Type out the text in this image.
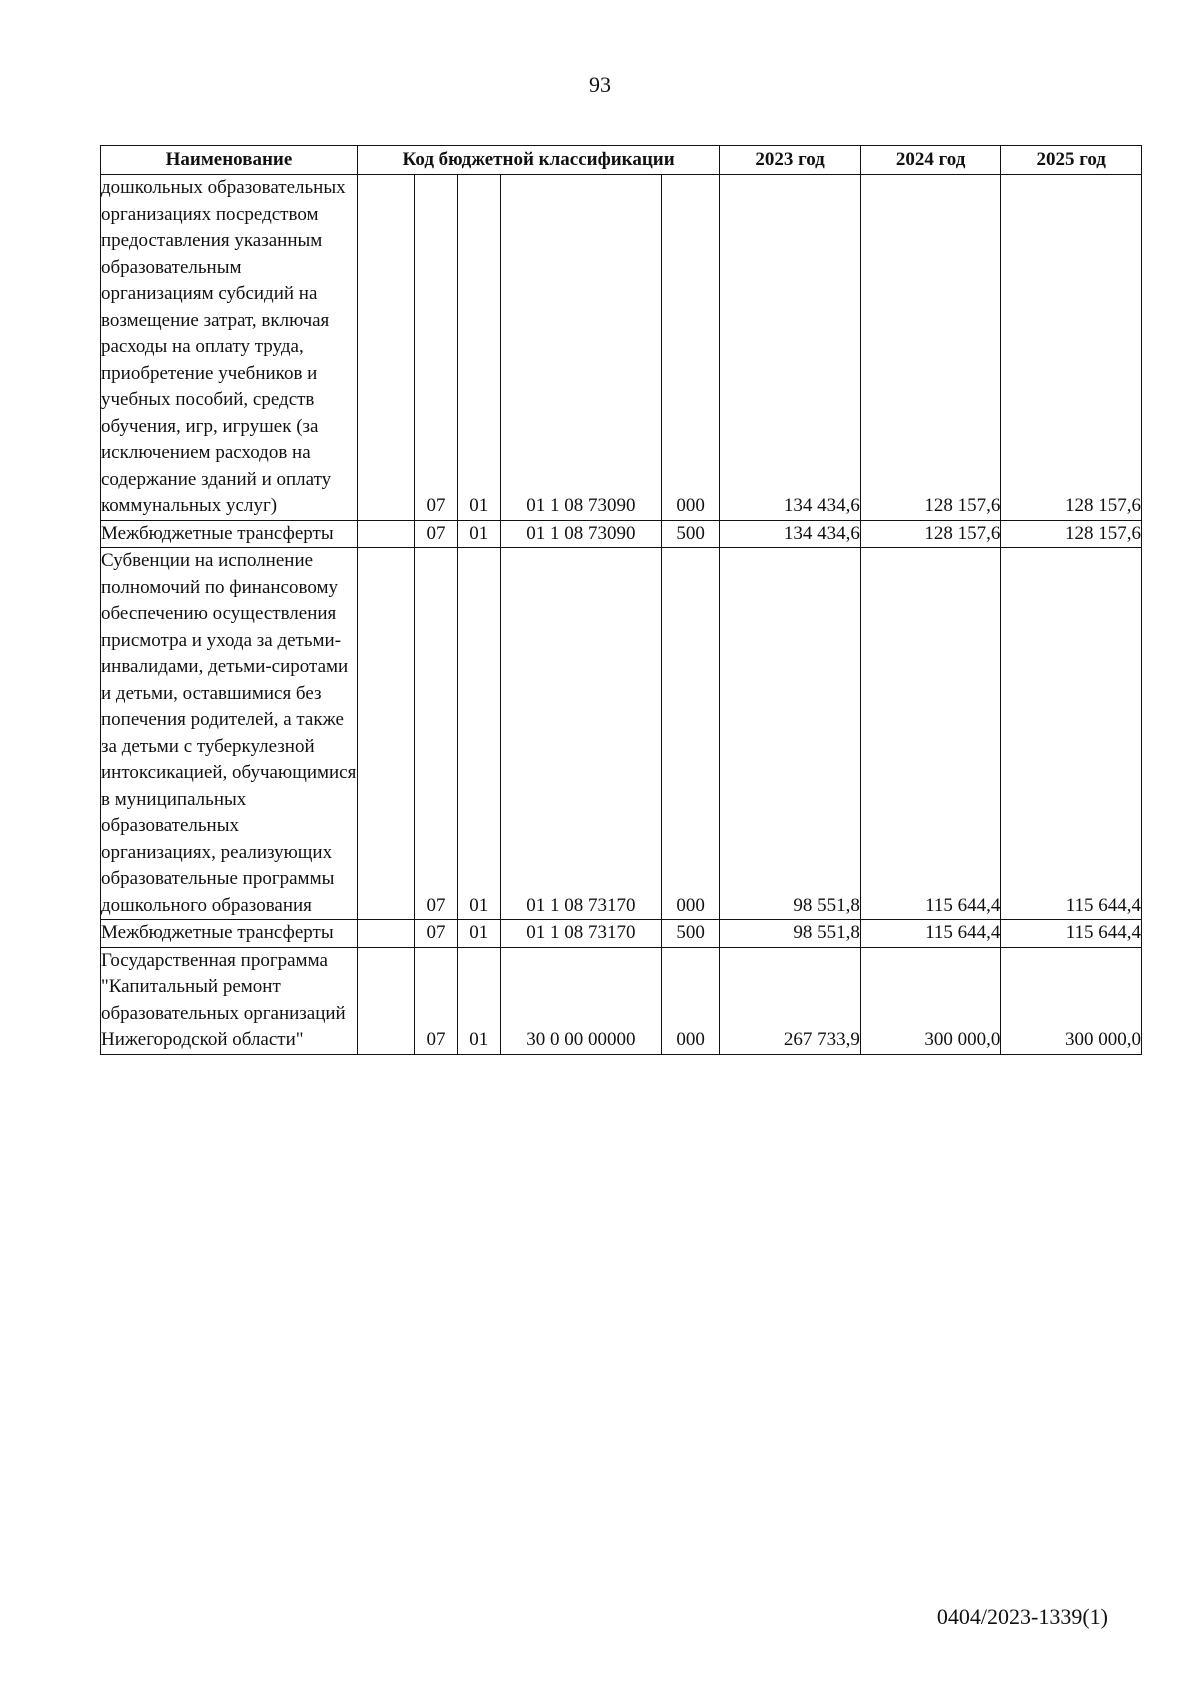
93
Наименование	Код бюджетной классификации					2023 год	2024 год	2025 год
дошкольных образовательных организациях посредством предоставления указанным образовательным организациям субсидий на возмещение затрат, включая расходы на оплату труда, приобретение учебников и учебных пособий, средств обучения, игр, игрушек (за исключением расходов на содержание зданий и оплату коммунальных услуг)		07	01	01 1 08 73090	000	134 434,6	128 157,6	128 157,6
Межбюджетные трансферты		07	01	01 1 08 73090	500	134 434,6	128 157,6	128 157,6
Субвенции на исполнение полномочий по финансовому обеспечению осуществления присмотра и ухода за детьми-инвалидами, детьми-сиротами и детьми, оставшимися без попечения родителей, а также за детьми с туберкулезной интоксикацией, обучающимися в муниципальных образовательных организациях, реализующих образовательные программы дошкольного образования		07	01	01 1 08 73170	000	98 551,8	115 644,4	115 644,4
Межбюджетные трансферты		07	01	01 1 08 73170	500	98 551,8	115 644,4	115 644,4
Государственная программа "Капитальный ремонт образовательных организаций Нижегородской области"		07	01	30 0 00 00000	000	267 733,9	300 000,0	300 000,0
0404/2023-1339(1)
